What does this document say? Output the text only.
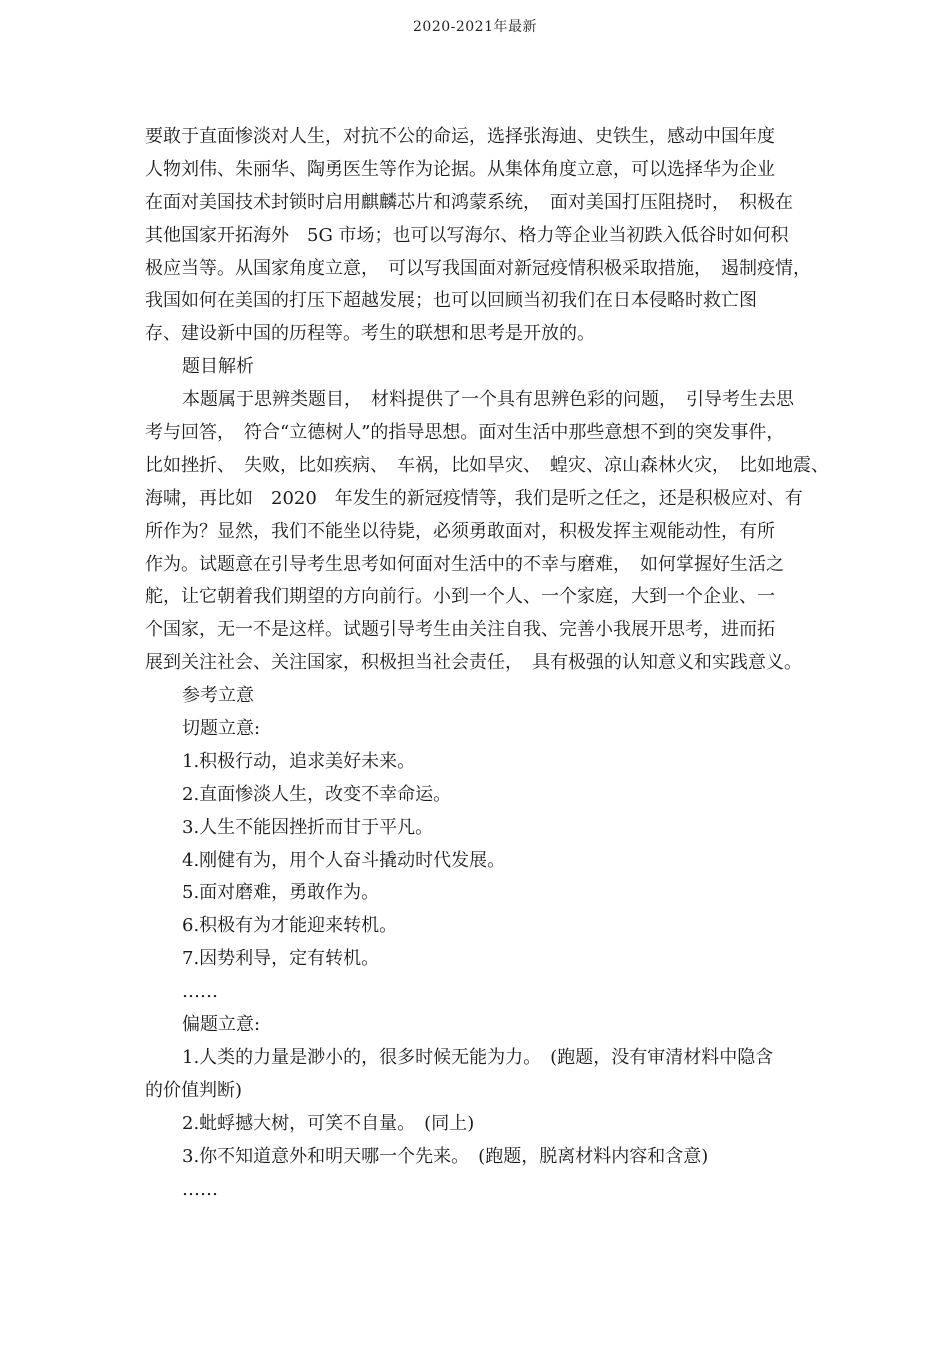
2020-2021年最新
要敢于直面惨淡对人生，对抗不公的命运，选择张海迪、史铁生，感动中国年度
人物刘伟、朱丽华、陶勇医生等作为论据。从集体角度立意，可以选择华为企业
在面对美国技术封锁时启用麒麟芯片和鸿蒙系统，　面对美国打压阻挠时，　积极在
其他国家开拓海外　5G 市场；也可以写海尔、格力等企业当初跌入低谷时如何积
极应当等。从国家角度立意，　可以写我国面对新冠疫情积极采取措施，　遏制疫情，
我国如何在美国的打压下超越发展；也可以回顾当初我们在日本侵略时救亡图
存、建设新中国的历程等。考生的联想和思考是开放的。
题目解析
本题属于思辨类题目，　材料提供了一个具有思辨色彩的问题，　引导考生去思
考与回答，　符合“立德树人”的指导思想。面对生活中那些意想不到的突发事件，
比如挫折、　失败，比如疾病、　车祸，比如旱灾、　蝗灾、凉山森林火灾，　比如地震、
海啸，再比如　2020　年发生的新冠疫情等，我们是听之任之，还是积极应对、有
所作为？显然，我们不能坐以待毙，必须勇敢面对，积极发挥主观能动性，有所
作为。试题意在引导考生思考如何面对生活中的不幸与磨难，　如何掌握好生活之
舵，让它朝着我们期望的方向前行。小到一个人、一个家庭，大到一个企业、一
个国家，无一不是这样。试题引导考生由关注自我、完善小我展开思考，进而拓
展到关注社会、关注国家，积极担当社会责任，　具有极强的认知意义和实践意义。
参考立意
切题立意:
1.积极行动，追求美好未来。
2.直面惨淡人生，改变不幸命运。
3.人生不能因挫折而甘于平凡。
4.刚健有为，用个人奋斗撬动时代发展。
5.面对磨难，勇敢作为。
6.积极有为才能迎来转机。
7.因势利导，定有转机。
……
偏题立意:
1.人类的力量是渺小的，很多时候无能为力。　(跑题，没有审清材料中隐含
的价值判断)
2.蚍蜉撼大树，可笑不自量。　(同上)
3.你不知道意外和明天哪一个先来。　(跑题，脱离材料内容和含意)
……
